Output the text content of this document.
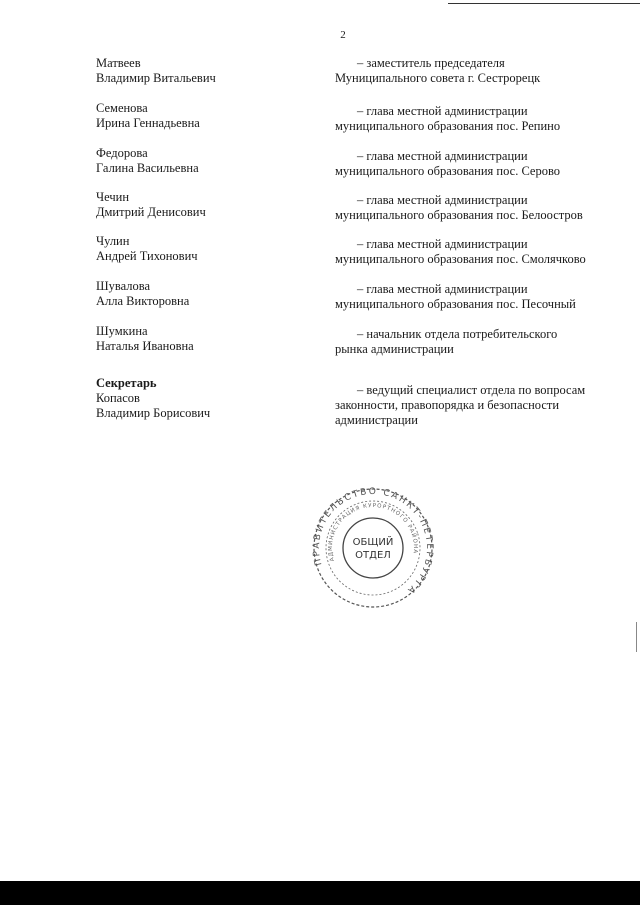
2
Матвеев
Владимир Витальевич
– заместитель председателя
Муниципального совета г. Сестрорецк
Семенова
Ирина Геннадьевна
– глава местной администрации
муниципального образования пос. Репино
Федорова
Галина Васильевна
– глава местной администрации
муниципального образования пос. Серово
Чечин
Дмитрий Денисович
– глава местной администрации
муниципального образования пос. Белоостров
Чулин
Андрей Тихонович
– глава местной администрации
муниципального образования пос. Смолячково
Шувалова
Алла Викторовна
– глава местной администрации
муниципального образования пос. Песочный
Шумкина
Наталья Ивановна
– начальник отдела потребительского
рынка администрации
Секретарь
Копасов
Владимир Борисович
– ведущий специалист отдела по вопросам
законности, правопорядка и безопасности
администрации
ПРАВИТЕЛЬСТВО САНКТ-ПЕТЕРБУРГА
АДМИНИСТРАЦИЯ КУРОРТНОГО РАЙОНА
ОБЩИЙ
ОТДЕЛ
